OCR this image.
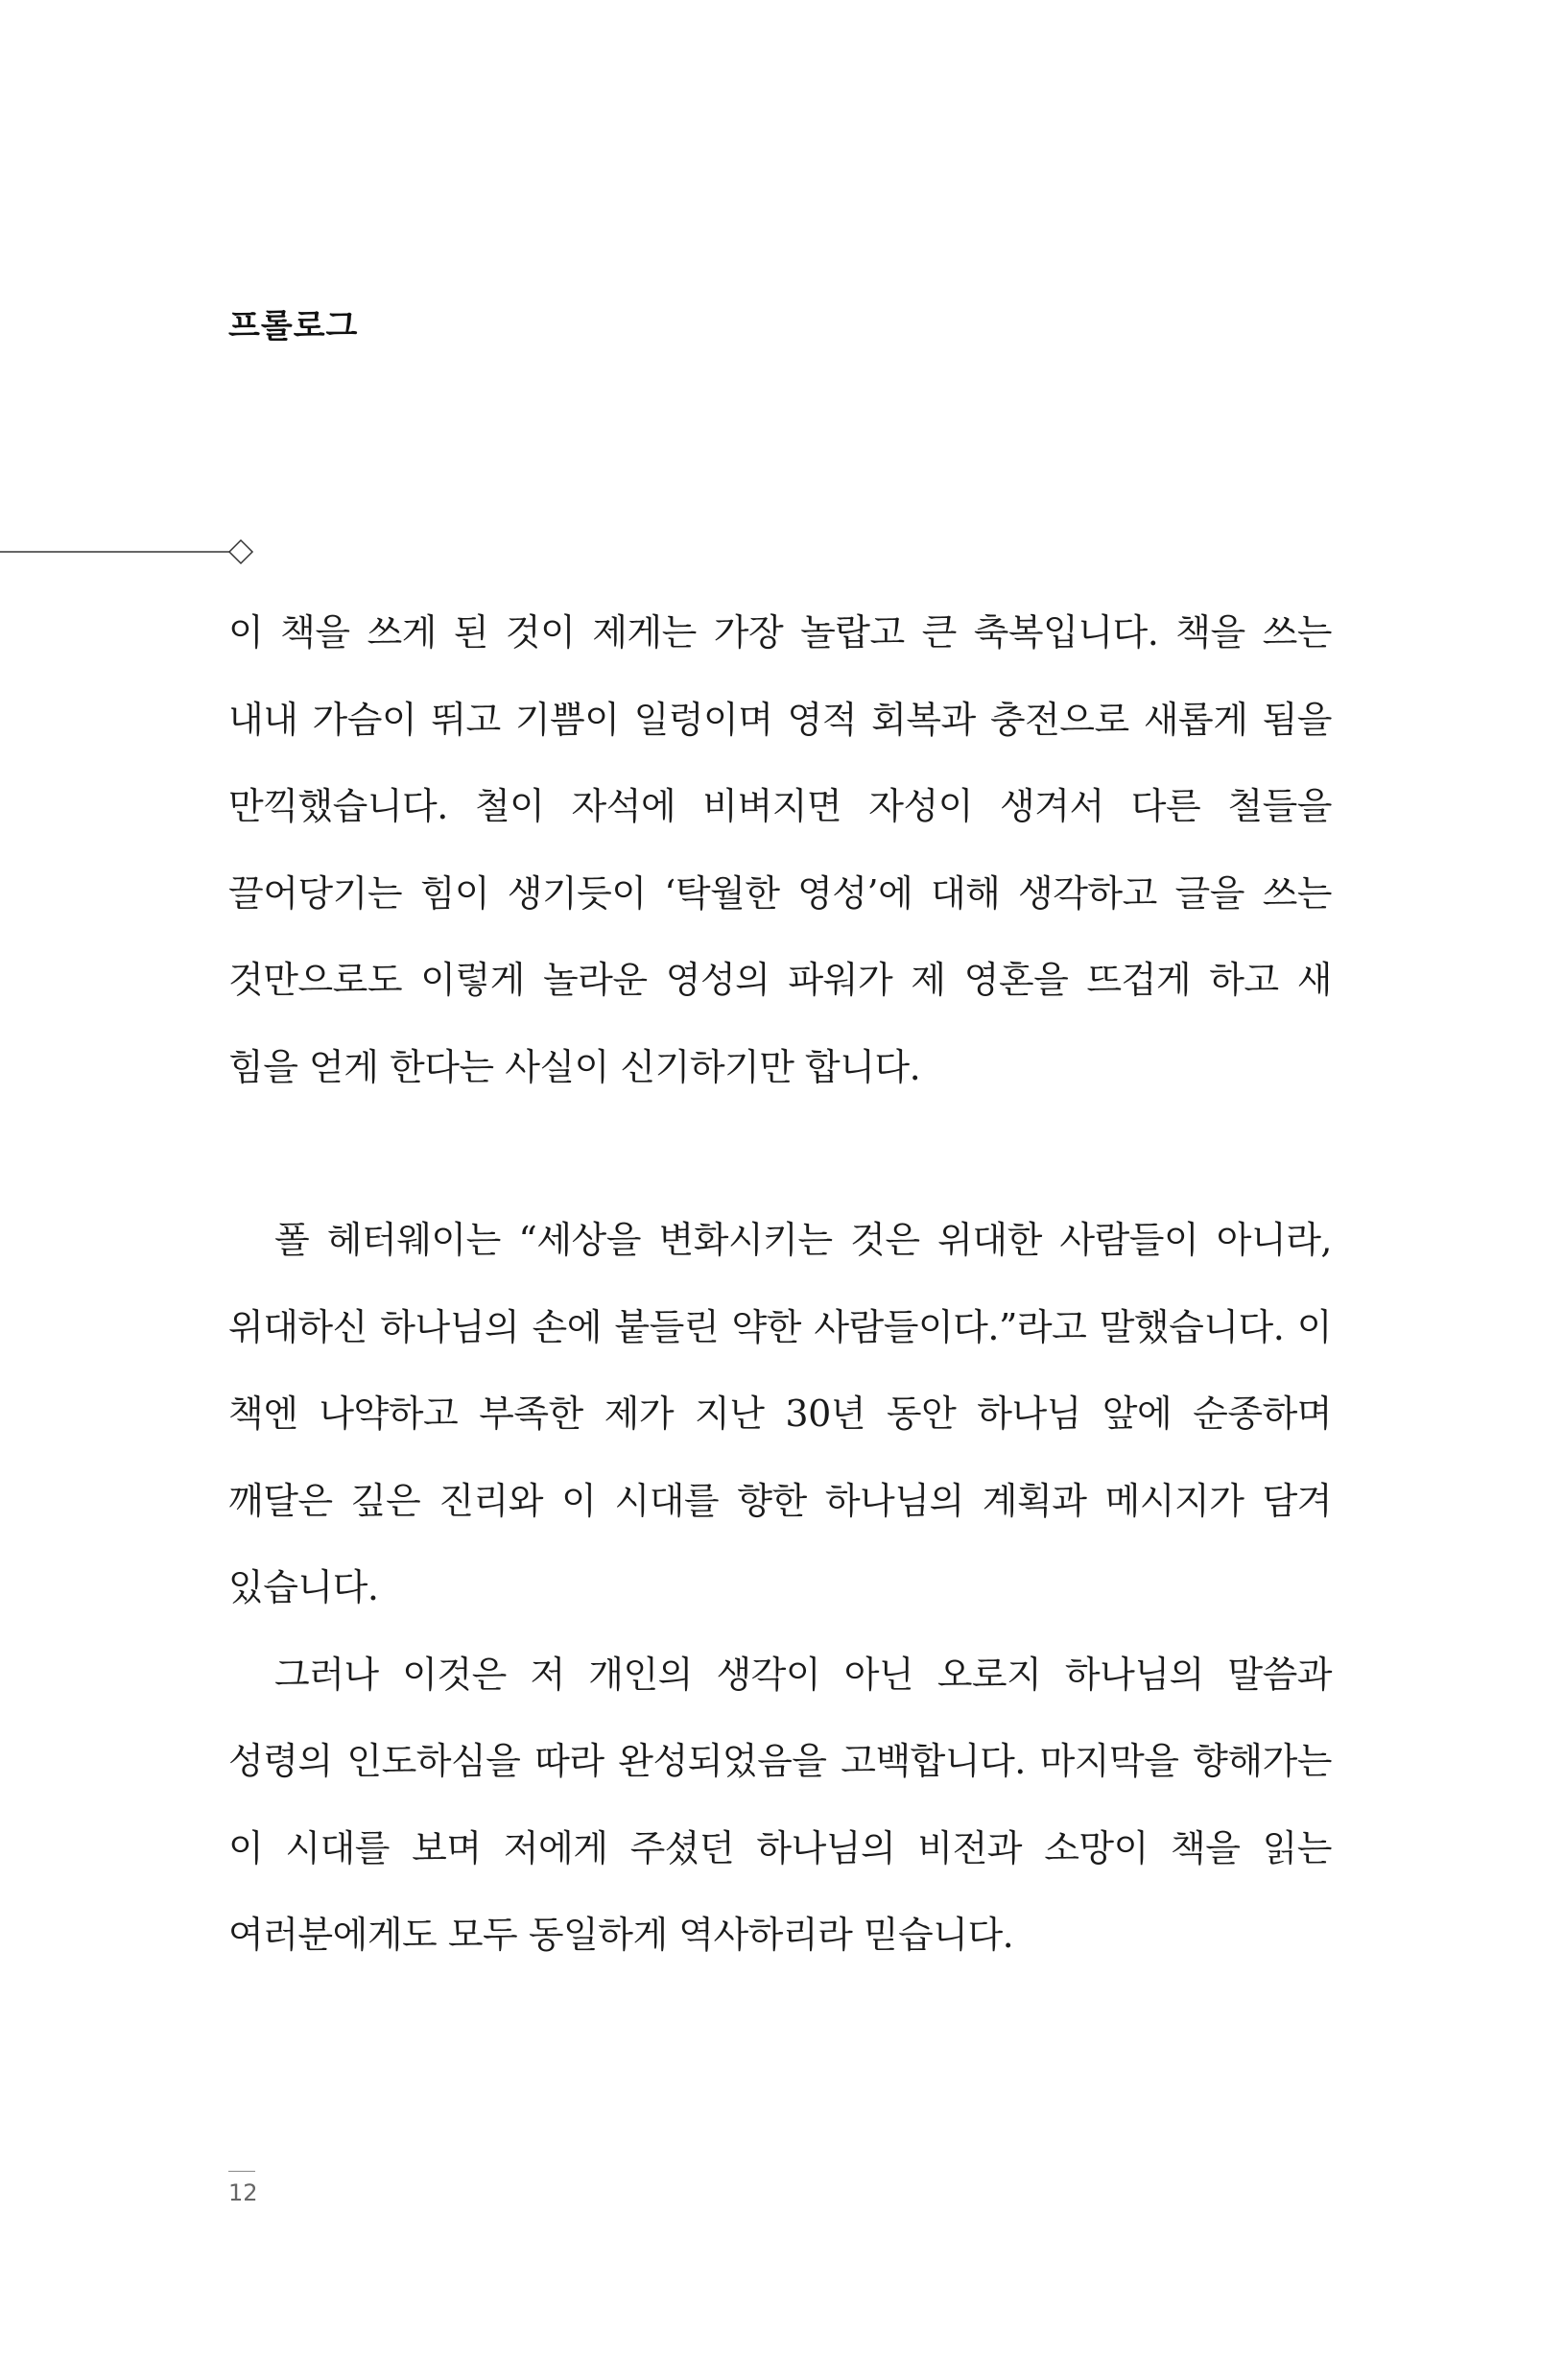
프롤로그

이 책을 쓰게 된 것이 제게는 가장 놀랍고 큰 축복입니다. 책을 쓰는 내내 가슴이 뛰고 기쁨이 일렁이며 영적 회복과 충전으로 새롭게 됨을 만끽했습니다. 철이 자석에 비벼지면 자성이 생겨서 다른 철들을 끌어당기는 힘이 생기듯이 ‘탁월한 영성’에 대해 생각하고 글을 쓰는 것만으로도 이렇게 놀라운 영성의 파워가 제 영혼을 뜨겁게 하고 새 힘을 얻게 한다는 사실이 신기하기만 합니다.

폴 헤터웨이는 “세상을 변화시키는 것은 위대한 사람들이 아니라, 위대하신 하나님의 손에 붙들린 약한 사람들이다.”라고 말했습니다. 이 책엔 나약하고 부족한 제가 지난 30년 동안 하나님 앞에 순종하며 깨달은 깊은 진리와 이 시대를 향한 하나님의 계획과 메시지가 담겨 있습니다.

그러나 이것은 저 개인의 생각이 아닌 오로지 하나님의 말씀과 성령의 인도하심을 따라 완성되었음을 고백합니다. 마지막을 향해가는 이 시대를 보며 저에게 주셨던 하나님의 비전과 소망이 책을 읽는 여러분에게도 모두 동일하게 역사하리라 믿습니다.

12
